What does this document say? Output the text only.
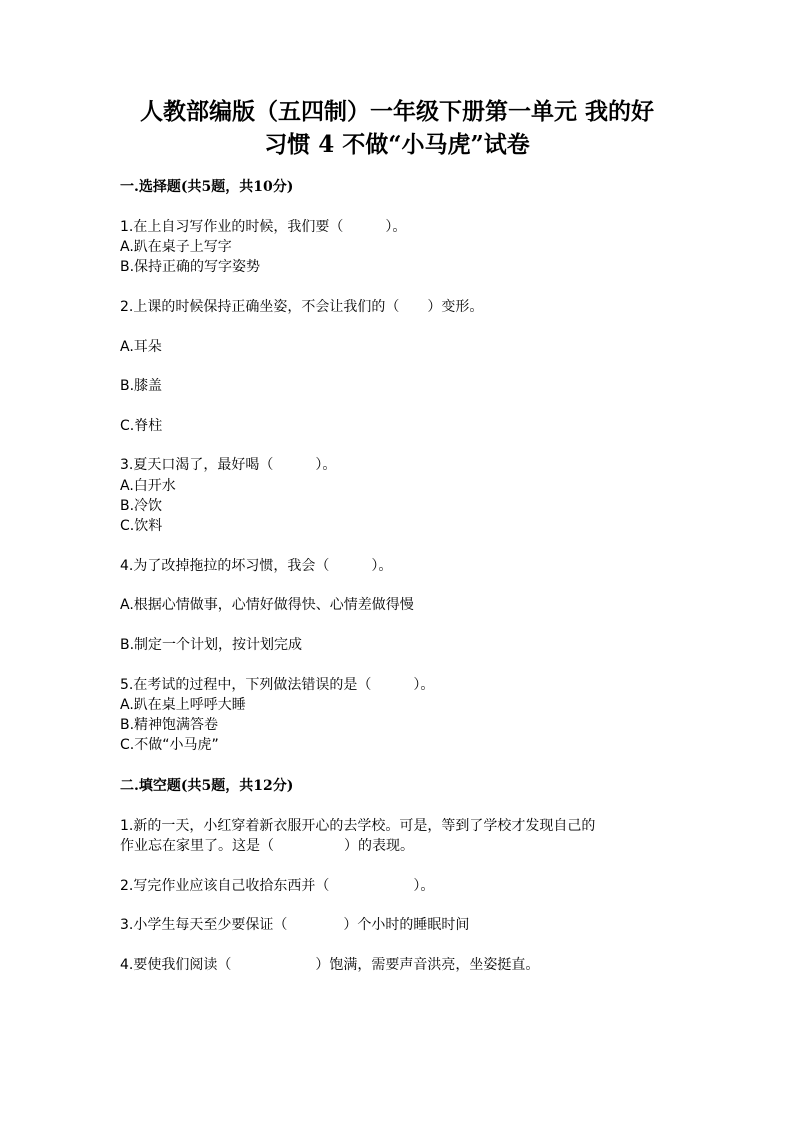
人教部编版（五四制）一年级下册第一单元 我的好
习惯 4 不做“小马虎”试卷
一.选择题(共5题，共10分)
1.在上自习写作业的时候，我们要（　　　）。
A.趴在桌子上写字
B.保持正确的写字姿势
2.上课的时候保持正确坐姿，不会让我们的（　　）变形。
A.耳朵
B.膝盖
C.脊柱
3.夏天口渴了，最好喝（　　　）。
A.白开水
B.冷饮
C.饮料
4.为了改掉拖拉的坏习惯，我会（　　　）。
A.根据心情做事，心情好做得快、心情差做得慢
B.制定一个计划，按计划完成
5.在考试的过程中，下列做法错误的是（　　　）。
A.趴在桌上呼呼大睡
B.精神饱满答卷
C.不做“小马虎”
二.填空题(共5题，共12分)
1.新的一天，小红穿着新衣服开心的去学校。可是，等到了学校才发现自己的
作业忘在家里了。这是（　　　　　）的表现。
2.写完作业应该自己收拾东西并（　　　　　　）。
3.小学生每天至少要保证（　　　　）个小时的睡眠时间
4.要使我们阅读（　　　　　　）饱满，需要声音洪亮，坐姿挺直。
